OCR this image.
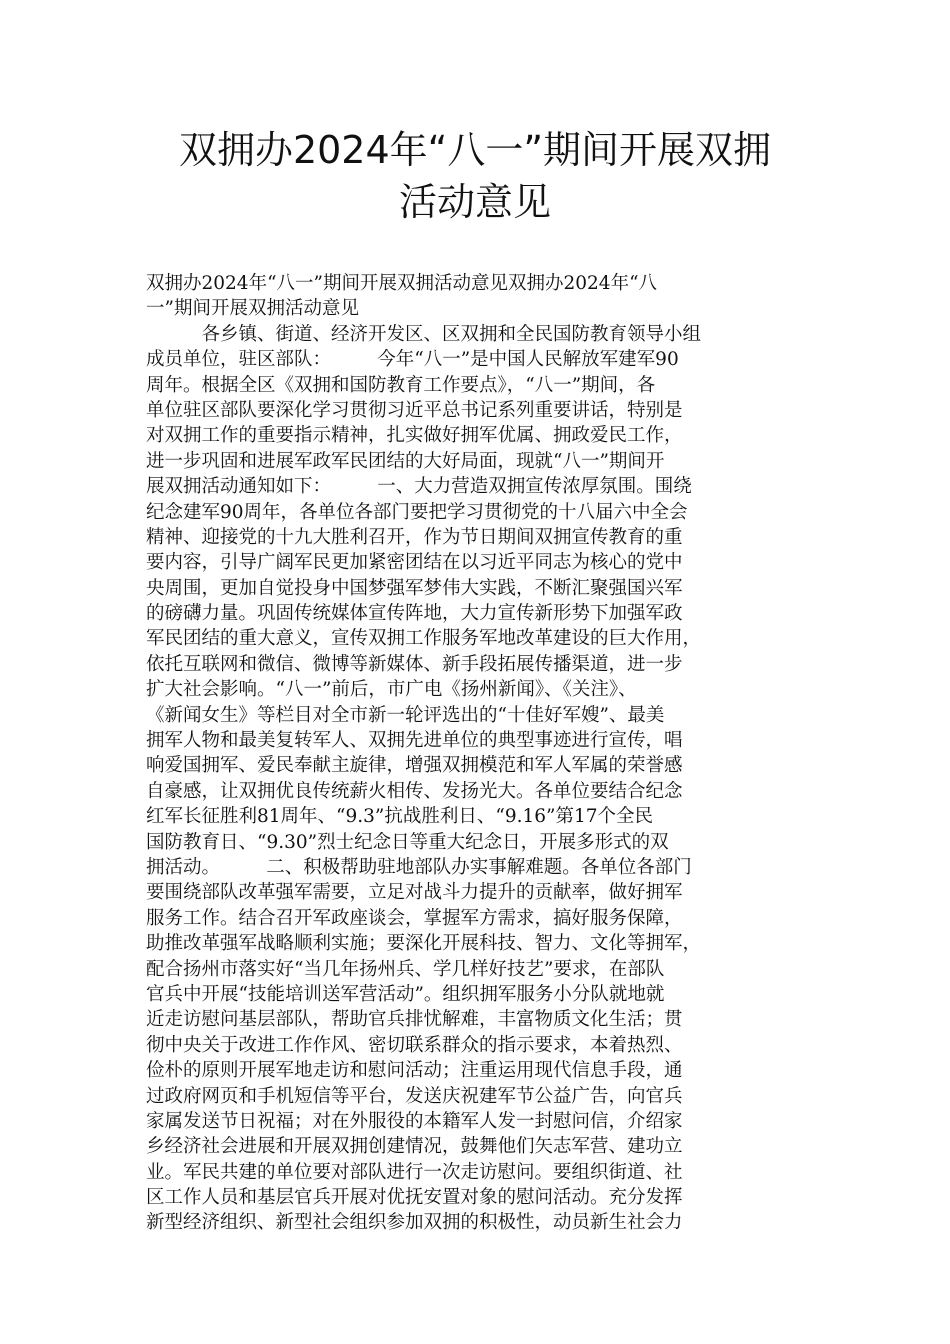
双拥办2024年“八一”期间开展双拥
活动意见
双拥办2024年“八一”期间开展双拥活动意见双拥办2024年“八
一”期间开展双拥活动意见
　　　各乡镇、街道、经济开发区、区双拥和全民国防教育领导小组
成员单位，驻区部队：　　　今年“八一”是中国人民解放军建军90
周年。根据全区《双拥和国防教育工作要点》，“八一”期间，各
单位驻区部队要深化学习贯彻习近平总书记系列重要讲话，特别是
对双拥工作的重要指示精神，扎实做好拥军优属、拥政爱民工作，
进一步巩固和进展军政军民团结的大好局面，现就“八一”期间开
展双拥活动通知如下：　　　一、大力营造双拥宣传浓厚氛围。围绕
纪念建军90周年，各单位各部门要把学习贯彻党的十八届六中全会
精神、迎接党的十九大胜利召开，作为节日期间双拥宣传教育的重
要内容，引导广阔军民更加紧密团结在以习近平同志为核心的党中
央周围，更加自觉投身中国梦强军梦伟大实践，不断汇聚强国兴军
的磅礴力量。巩固传统媒体宣传阵地，大力宣传新形势下加强军政
军民团结的重大意义，宣传双拥工作服务军地改革建设的巨大作用，
依托互联网和微信、微博等新媒体、新手段拓展传播渠道，进一步
扩大社会影响。“八一”前后，市广电《扬州新闻》、《关注》、
《新闻女生》等栏目对全市新一轮评选出的“十佳好军嫂”、最美
拥军人物和最美复转军人、双拥先进单位的典型事迹进行宣传，唱
响爱国拥军、爱民奉献主旋律，增强双拥模范和军人军属的荣誉感
自豪感，让双拥优良传统薪火相传、发扬光大。各单位要结合纪念
红军长征胜利81周年、“9.3”抗战胜利日、“9.16”第17个全民
国防教育日、“9.30”烈士纪念日等重大纪念日，开展多形式的双
拥活动。　　　二、积极帮助驻地部队办实事解难题。各单位各部门
要围绕部队改革强军需要，立足对战斗力提升的贡献率，做好拥军
服务工作。结合召开军政座谈会，掌握军方需求，搞好服务保障，
助推改革强军战略顺利实施；要深化开展科技、智力、文化等拥军，
配合扬州市落实好“当几年扬州兵、学几样好技艺”要求，在部队
官兵中开展“技能培训送军营活动”。组织拥军服务小分队就地就
近走访慰问基层部队，帮助官兵排忧解难，丰富物质文化生活；贯
彻中央关于改进工作作风、密切联系群众的指示要求，本着热烈、
俭朴的原则开展军地走访和慰问活动；注重运用现代信息手段，通
过政府网页和手机短信等平台，发送庆祝建军节公益广告，向官兵
家属发送节日祝福；对在外服役的本籍军人发一封慰问信，介绍家
乡经济社会进展和开展双拥创建情况，鼓舞他们矢志军营、建功立
业。军民共建的单位要对部队进行一次走访慰问。要组织街道、社
区工作人员和基层官兵开展对优抚安置对象的慰问活动。充分发挥
新型经济组织、新型社会组织参加双拥的积极性，动员新生社会力
